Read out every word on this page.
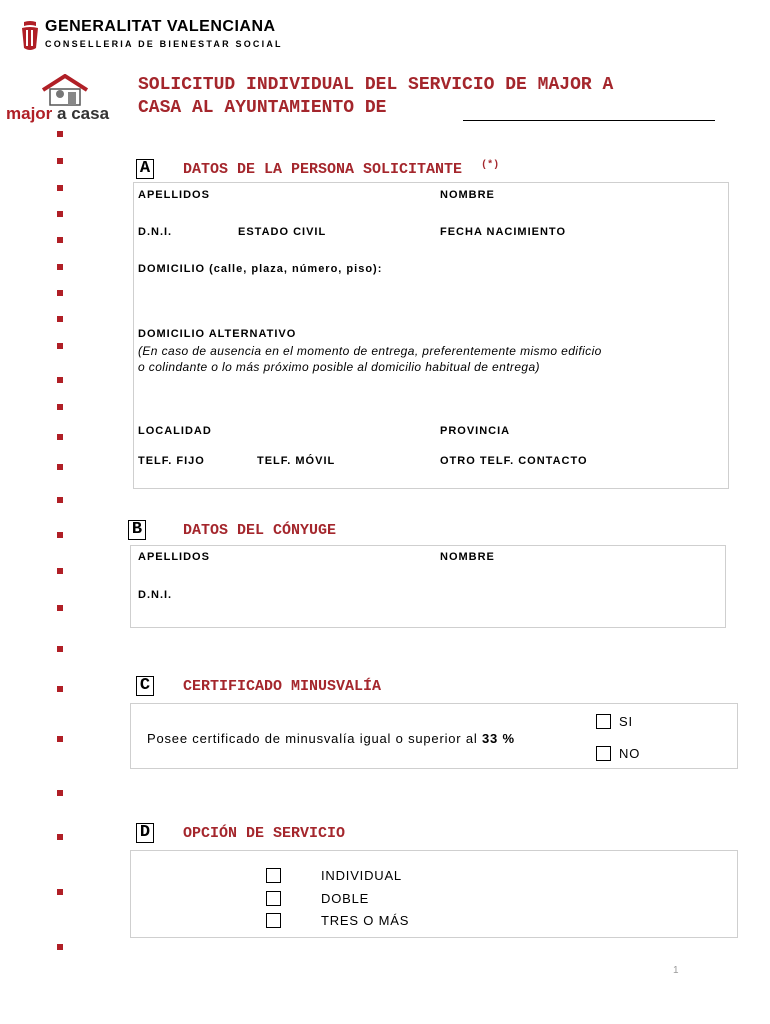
GENERALITAT VALENCIANA
CONSELLERIA DE BIENESTAR SOCIAL
major a casa
SOLICITUD INDIVIDUAL DEL SERVICIO DE MAJOR A
CASA AL AYUNTAMIENTO DE
A DATOS DE LA PERSONA SOLICITANTE (*)
APELLIDOS	NOMBRE
D.N.I.	ESTADO CIVIL	FECHA NACIMIENTO
DOMICILIO (calle, plaza, número, piso):
DOMICILIO ALTERNATIVO
(En caso de ausencia en el momento de entrega, preferentemente mismo edificio
o colindante o lo más próximo posible al domicilio habitual de entrega)
LOCALIDAD	PROVINCIA
TELF. FIJO	TELF. MÓVIL	OTRO TELF. CONTACTO
B	DATOS DEL CÓNYUGE
APELLIDOS	NOMBRE
D.N.I.
C CERTIFICADO MINUSVALÍA
Posee certificado de minusvalía igual o superior al 33 %
SI
NO
D OPCIÓN DE SERVICIO
INDIVIDUAL
DOBLE
TRES O MÁS
1
